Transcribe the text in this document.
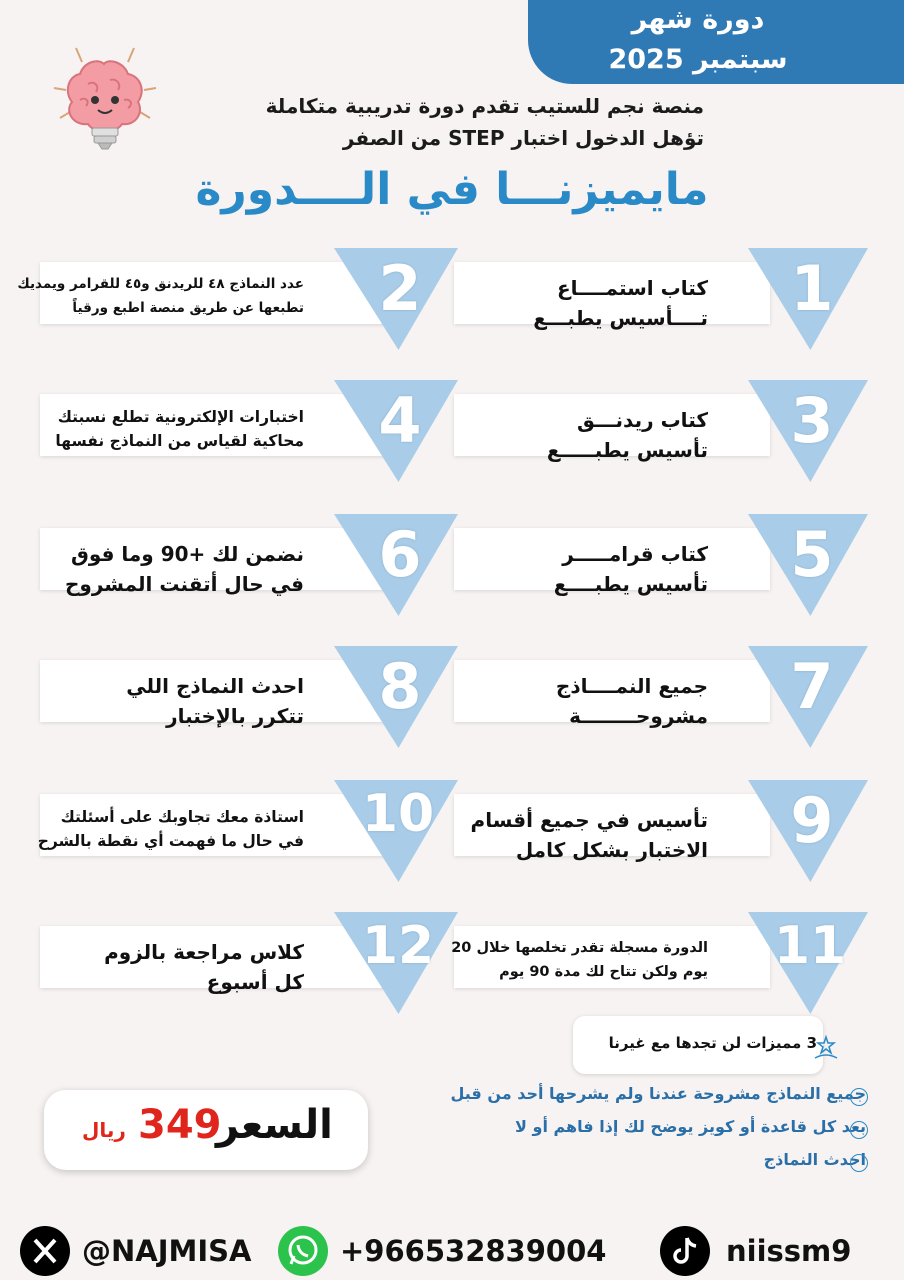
دورة شهر
سبتمبر 2025
منصة نجم للستيب تقدم دورة تدريبية متكاملة
تؤهل الدخول اختبار STEP من الصفر
مايميزنـــا في الــــدورة
1
كتاب استمــــاع
تــــأسيس يطبـــع
2
عدد النماذج ٤٨ للريدنق و٤٥ للقرامر ويمديك
تطبعها عن طريق منصة اطبع ورقياً
3
كتاب ريدنـــق
تأسيس يطبـــــع
4
اختبارات الإلكترونية تطلع نسبتك
محاكية لقياس من النماذج نفسها
5
كتاب قرامـــــر
تأسيس يطبــــع
6
نضمن لك +90 وما فوق
في حال أتقنت المشروح
7
جميع النمــــاذج
مشروحــــــــة
8
احدث النماذج اللي
تتكرر بالإختبار
9
تأسيس في جميع أقسام
الاختبار بشكل كامل
10
استاذة معك تجاوبك على أسئلتك
في حال ما فهمت أي نقطة بالشرح
11
الدورة مسجلة تقدر تخلصها خلال 20
يوم ولكن تتاح لك مدة 90 يوم
12
كلاس مراجعة بالزوم
كل أسبوع
3 مميزات لن تجدها مع غيرنا
جميع النماذج مشروحة عندنا ولم يشرحها أحد من قبل
بعد كل قاعدة أو كويز يوضح لك إذا فاهم أو لا
احدث النماذج
ريال 349
السعر
@NAJMISA	+966532839004	niissm9
